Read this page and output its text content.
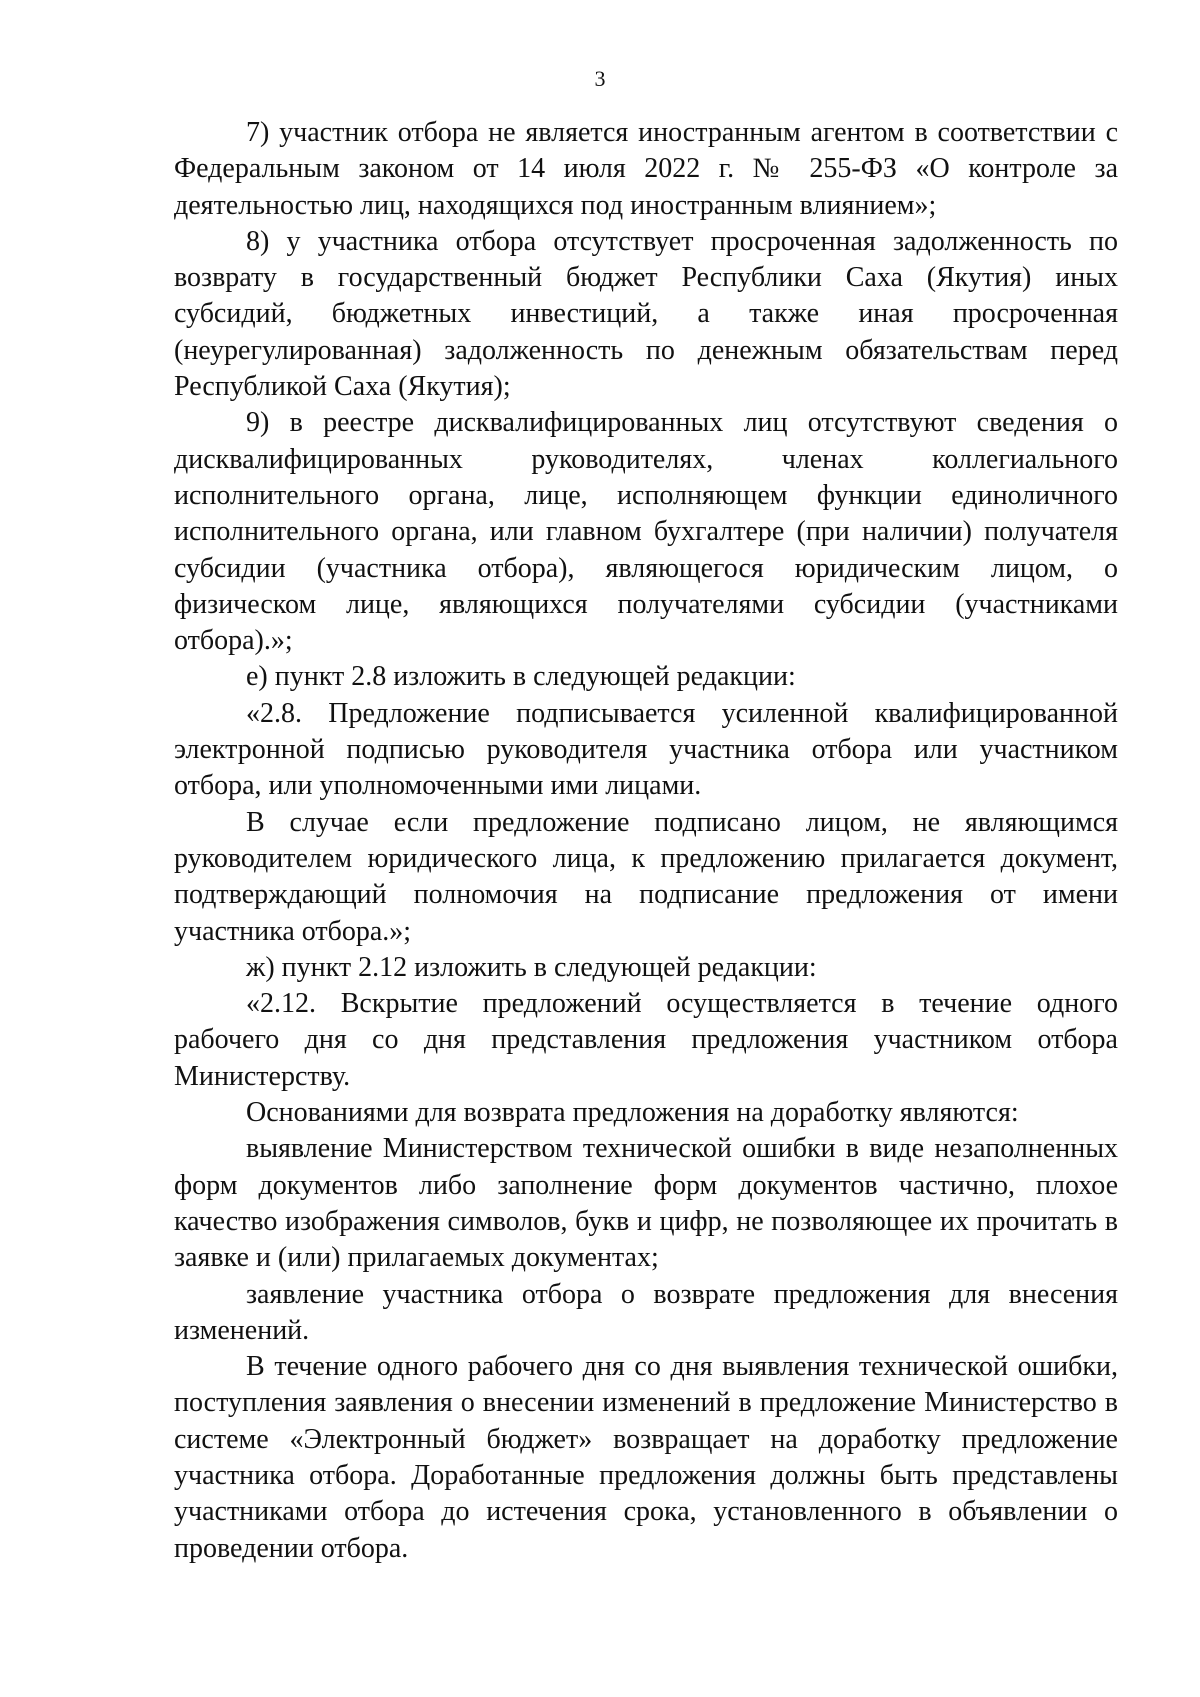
3

7) участник отбора не является иностранным агентом в соответствии с Федеральным законом от 14 июля 2022 г. № 255-ФЗ «О контроле за деятельностью лиц, находящихся под иностранным влиянием»;

8) у участника отбора отсутствует просроченная задолженность по возврату в государственный бюджет Республики Саха (Якутия) иных субсидий, бюджетных инвестиций, а также иная просроченная (неурегулированная) задолженность по денежным обязательствам перед Республикой Саха (Якутия);

9) в реестре дисквалифицированных лиц отсутствуют сведения о дисквалифицированных руководителях, членах коллегиального исполнительного органа, лице, исполняющем функции единоличного исполнительного органа, или главном бухгалтере (при наличии) получателя субсидии (участника отбора), являющегося юридическим лицом, о физическом лице, являющихся получателями субсидии (участниками отбора).»;

е) пункт 2.8 изложить в следующей редакции:

«2.8. Предложение подписывается усиленной квалифицированной электронной подписью руководителя участника отбора или участником отбора, или уполномоченными ими лицами.

В случае если предложение подписано лицом, не являющимся руководителем юридического лица, к предложению прилагается документ, подтверждающий полномочия на подписание предложения от имени участника отбора.»;

ж) пункт 2.12 изложить в следующей редакции:

«2.12. Вскрытие предложений осуществляется в течение одного рабочего дня со дня представления предложения участником отбора Министерству.

Основаниями для возврата предложения на доработку являются:

выявление Министерством технической ошибки в виде незаполненных форм документов либо заполнение форм документов частично, плохое качество изображения символов, букв и цифр, не позволяющее их прочитать в заявке и (или) прилагаемых документах;

заявление участника отбора о возврате предложения для внесения изменений.

В течение одного рабочего дня со дня выявления технической ошибки, поступления заявления о внесении изменений в предложение Министерство в системе «Электронный бюджет» возвращает на доработку предложение участника отбора. Доработанные предложения должны быть представлены участниками отбора до истечения срока, установленного в объявлении о проведении отбора.
